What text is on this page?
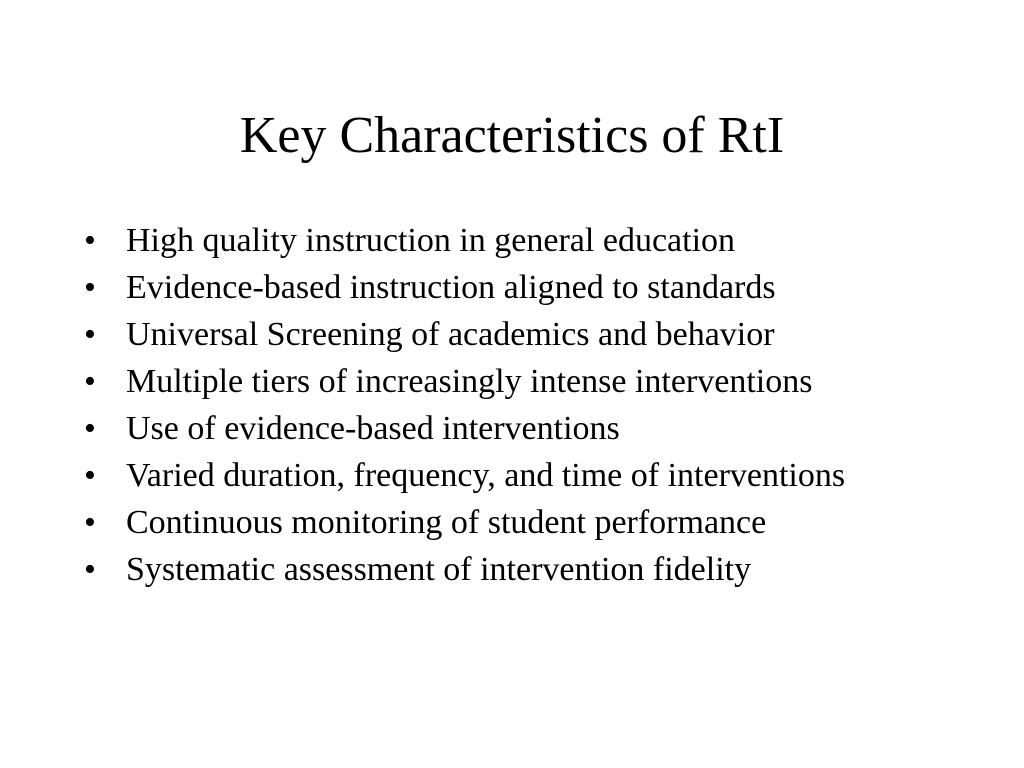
Key Characteristics of RtI
• High quality instruction in general education
• Evidence-based instruction aligned to standards
• Universal Screening of academics and behavior
• Multiple tiers of increasingly intense interventions
• Use of evidence-based interventions
• Varied duration, frequency, and time of interventions
• Continuous monitoring of student performance
• Systematic assessment of intervention fidelity
